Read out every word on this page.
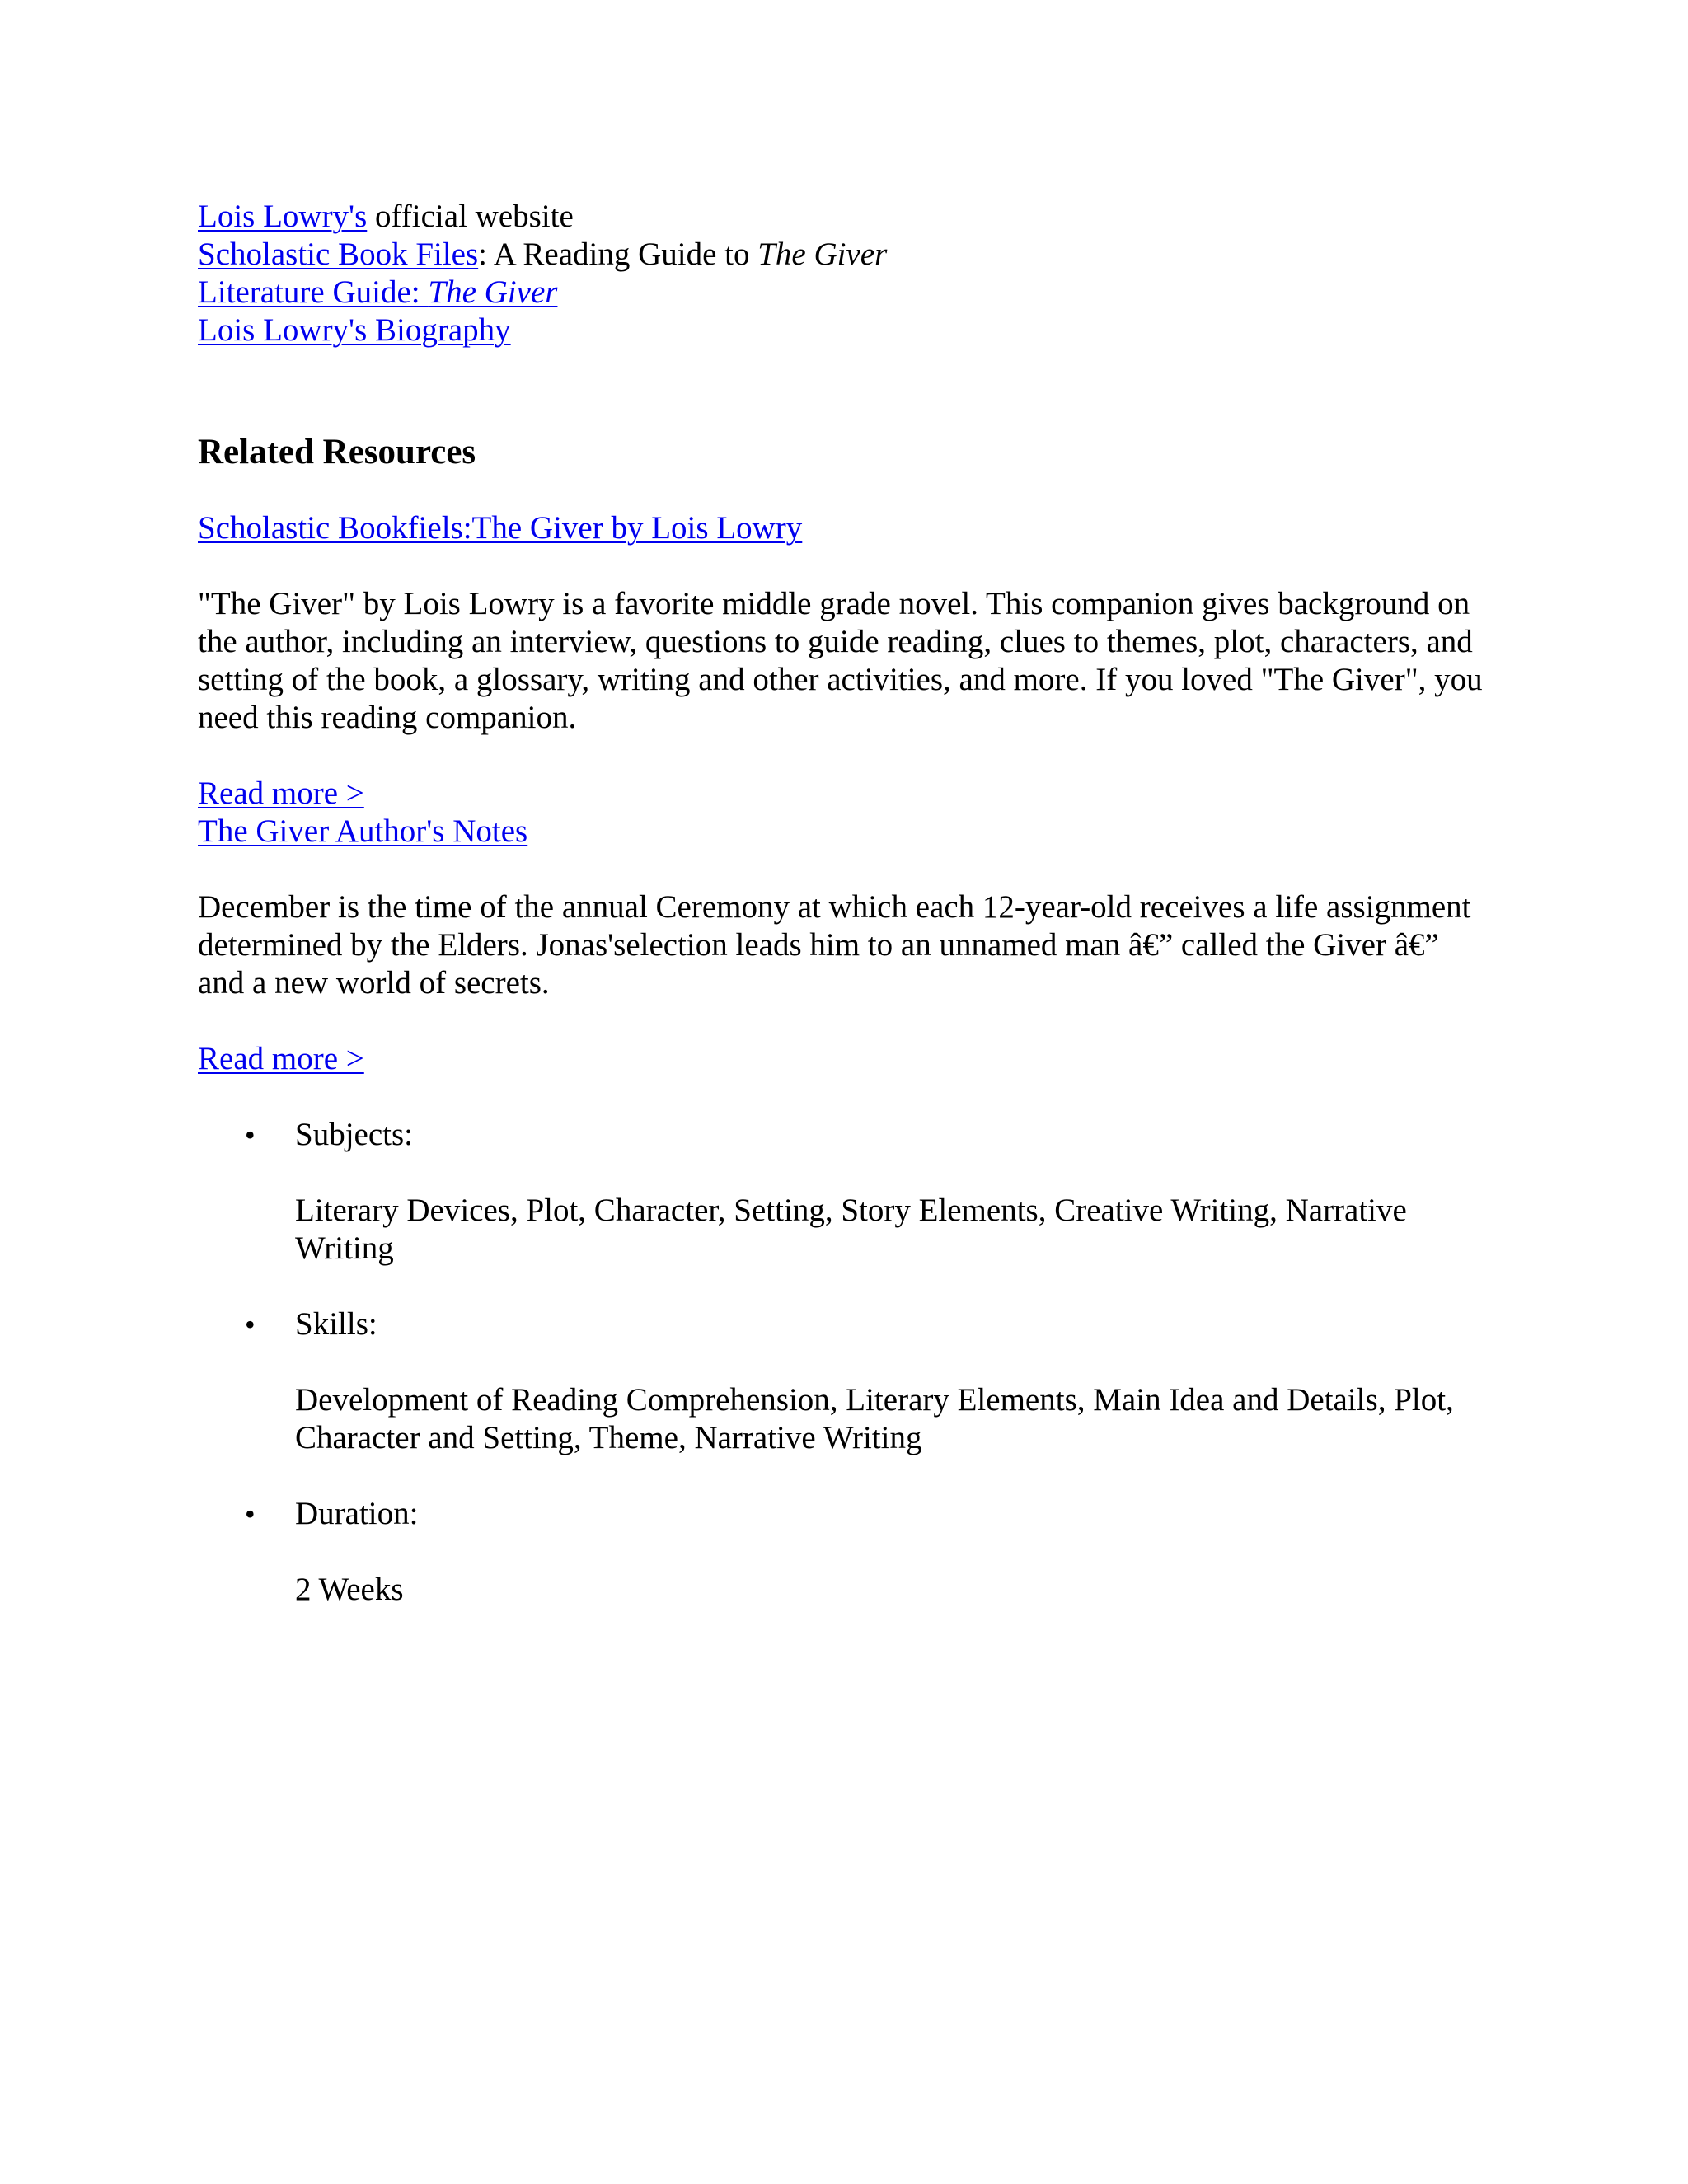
Lois Lowry's official website
Scholastic Book Files: A Reading Guide to The Giver
Literature Guide: The Giver
Lois Lowry's Biography
Related Resources
Scholastic Bookfiels:The Giver by Lois Lowry

"The Giver" by Lois Lowry is a favorite middle grade novel. This companion gives background on the author, including an interview, questions to guide reading, clues to themes, plot, characters, and setting of the book, a glossary, writing and other activities, and more. If you loved "The Giver", you need this reading companion.

Read more >
The Giver Author's Notes

December is the time of the annual Ceremony at which each 12-year-old receives a life assignment determined by the Elders. Jonas'selection leads him to an unnamed man â€” called the Giver â€” and a new world of secrets.

Read more >
• Subjects:

Literary Devices, Plot, Character, Setting, Story Elements, Creative Writing, Narrative Writing

• Skills:

Development of Reading Comprehension, Literary Elements, Main Idea and Details, Plot, Character and Setting, Theme, Narrative Writing

• Duration:

2 Weeks
